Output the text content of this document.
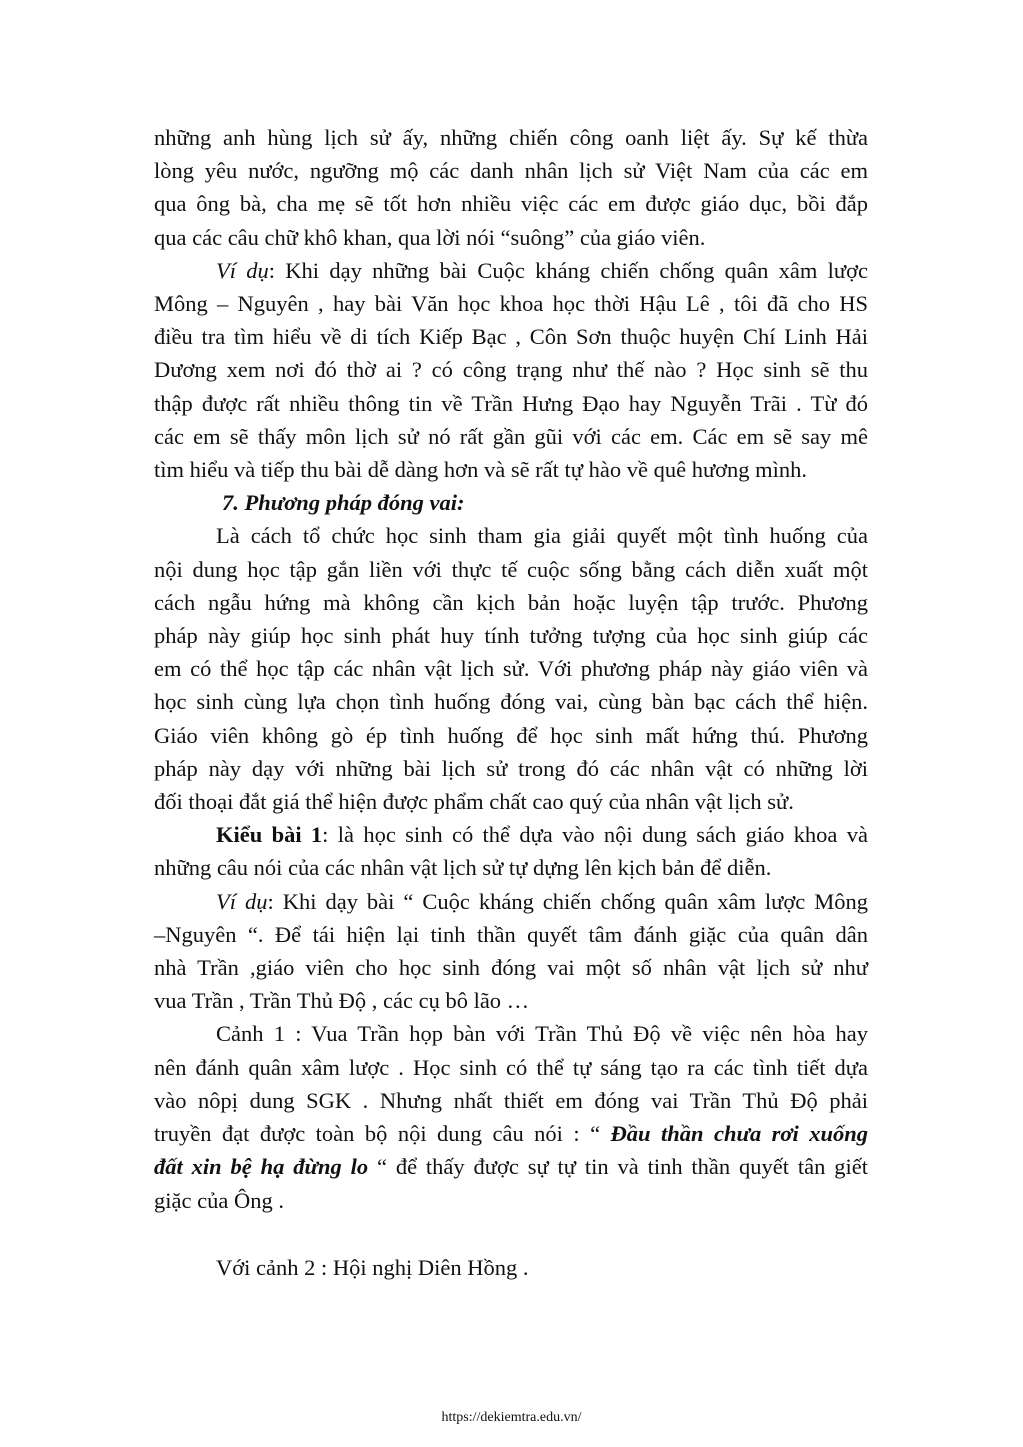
những anh hùng lịch sử ấy, những chiến công oanh liệt ấy. Sự kế thừa
lòng yêu nước, ngưỡng mộ các danh nhân lịch sử Việt Nam của các em
qua ông bà, cha mẹ sẽ tốt hơn nhiều việc các em được giáo dục, bồi đắp
qua các câu chữ khô khan, qua lời nói “suông” của giáo viên.
Ví dụ: Khi dạy những bài Cuộc kháng chiến chống quân xâm lược
Mông – Nguyên , hay bài Văn học khoa học thời Hậu Lê , tôi đã cho HS
điều tra tìm hiểu về di tích Kiếp Bạc , Côn Sơn thuộc huyện Chí Linh Hải
Dương xem nơi đó thờ ai ? có công trạng như thế nào ? Học sinh sẽ thu
thập được rất nhiều thông tin về Trần Hưng Đạo hay Nguyễn Trãi . Từ đó
các em sẽ thấy môn lịch sử nó rất gần gũi với các em. Các em sẽ say mê
tìm hiểu và tiếp thu bài dễ dàng hơn và sẽ rất tự hào về quê hương mình.
7. Phương pháp đóng vai:
Là cách tổ chức học sinh tham gia giải quyết một tình huống của
nội dung học tập gắn liền với thực tế cuộc sống bằng cách diễn xuất một
cách ngẫu hứng mà không cần kịch bản hoặc luyện tập trước. Phương
pháp này giúp học sinh phát huy tính tưởng tượng của học sinh giúp các
em có thể học tập các nhân vật lịch sử. Với phương pháp này giáo viên và
học sinh cùng lựa chọn tình huống đóng vai, cùng bàn bạc cách thể hiện.
Giáo viên không gò ép tình huống để học sinh mất hứng thú. Phương
pháp này dạy với những bài lịch sử trong đó các nhân vật có những lời
đối thoại đắt giá thể hiện được phẩm chất cao quý của nhân vật lịch sử.
Kiểu bài 1: là học sinh có thể dựa vào nội dung sách giáo khoa và
những câu nói của các nhân vật lịch sử tự dựng lên kịch bản để diễn.
Ví dụ: Khi dạy bài “ Cuộc kháng chiến chống quân xâm lược Mông
–Nguyên “. Để tái hiện lại tinh thần quyết tâm đánh giặc của quân dân
nhà Trần ,giáo viên cho học sinh đóng vai một số nhân vật lịch sử như
vua Trần , Trần Thủ Độ , các cụ bô lão …
Cảnh 1 : Vua Trần họp bàn với Trần Thủ Độ về việc nên hòa hay
nên đánh quân xâm lược . Học sinh có thể tự sáng tạo ra các tình tiết dựa
vào nôpị dung SGK . Nhưng nhất thiết em đóng vai Trần Thủ Độ phải
truyền đạt được toàn bộ nội dung câu nói : “ Đầu thần chưa rơi xuống
đất xin bệ hạ đừng lo “ để thấy được sự tự tin và tinh thần quyết tân giết
giặc của Ông .
Với cảnh 2 : Hội nghị Diên Hồng .
https://dekiemtra.edu.vn/
